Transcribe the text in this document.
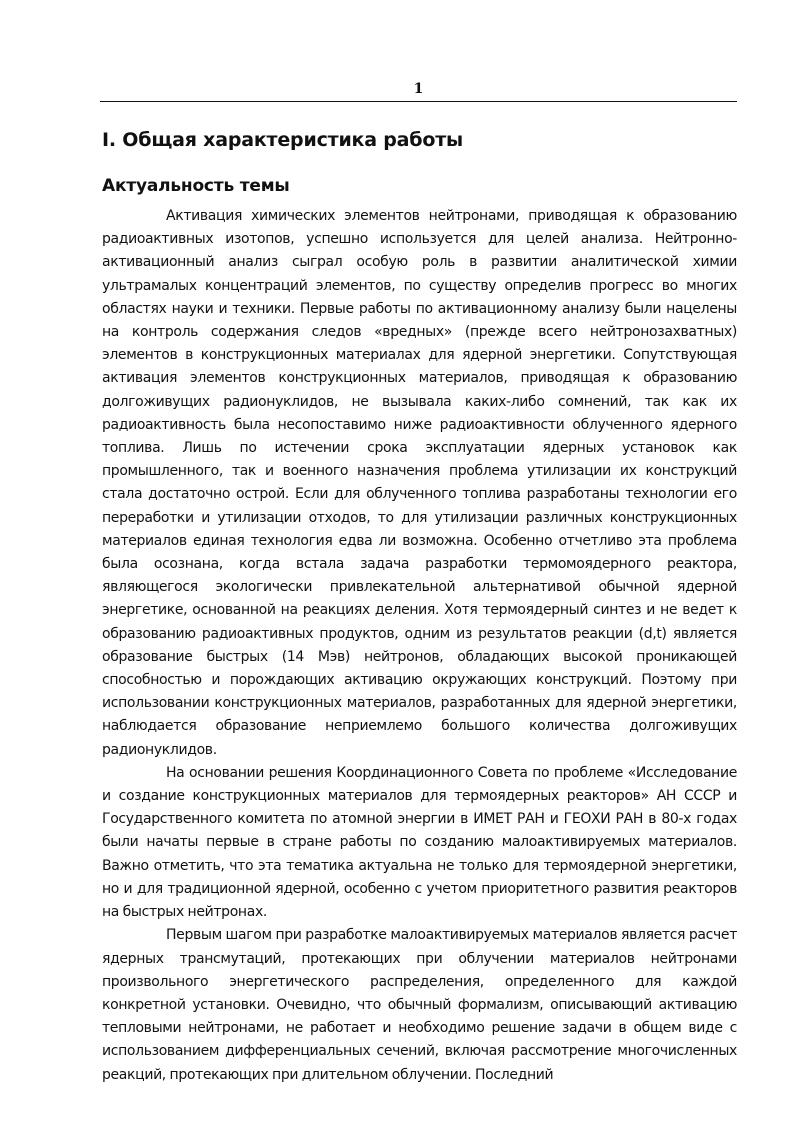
1
I. Общая характеристика работы
Актуальность темы

Активация химических элементов нейтронами, приводящая к образованию радиоактивных изотопов, успешно используется для целей анализа. Нейтронно-активационный анализ сыграл особую роль в развитии аналитической химии ультрамалых концентраций элементов, по существу определив прогресс во многих областях науки и техники. Первые работы по активационному анализу были нацелены на контроль содержания следов «вредных» (прежде всего нейтронозахватных) элементов в конструкционных материалах для ядерной энергетики. Сопутствующая активация элементов конструкционных материалов, приводящая к образованию долгоживущих радионуклидов, не вызывала каких-либо сомнений, так как их радиоактивность была несопоставимо ниже радиоактивности облученного ядерного топлива. Лишь по истечении срока эксплуатации ядерных установок как промышленного, так и военного назначения проблема утилизации их конструкций стала достаточно острой. Если для облученного топлива разработаны технологии его переработки и утилизации отходов, то для утилизации различных конструкционных материалов единая технология едва ли возможна. Особенно отчетливо эта проблема была осознана, когда встала задача разработки термомоядерного реактора, являющегося экологически привлекательной альтернативой обычной ядерной энергетике, основанной на реакциях деления. Хотя термоядерный синтез и не ведет к образованию радиоактивных продуктов, одним из результатов реакции (d,t) является образование быстрых (14 Мэв) нейтронов, обладающих высокой проникающей способностью и порождающих активацию окружающих конструкций. Поэтому при использовании конструкционных материалов, разработанных для ядерной энергетики, наблюдается образование неприемлемо большого количества долгоживущих радионуклидов.

На основании решения Координационного Совета по проблеме «Исследование и создание конструкционных материалов для термоядерных реакторов» АН СССР и Государственного комитета по атомной энергии в ИМЕТ РАН и ГЕОХИ РАН в 80-х годах были начаты первые в стране работы по созданию малоактивируемых материалов. Важно отметить, что эта тематика актуальна не только для термоядерной энергетики, но и для традиционной ядерной, особенно с учетом приоритетного развития реакторов на быстрых нейтронах.

Первым шагом при разработке малоактивируемых материалов является расчет ядерных трансмутаций, протекающих при облучении материалов нейтронами произвольного энергетического распределения, определенного для каждой конкретной установки. Очевидно, что обычный формализм, описывающий активацию тепловыми нейтронами, не работает и необходимо решение задачи в общем виде с использованием дифференциальных сечений, включая рассмотрение многочисленных реакций, протекающих при длительном облучении. Последний
